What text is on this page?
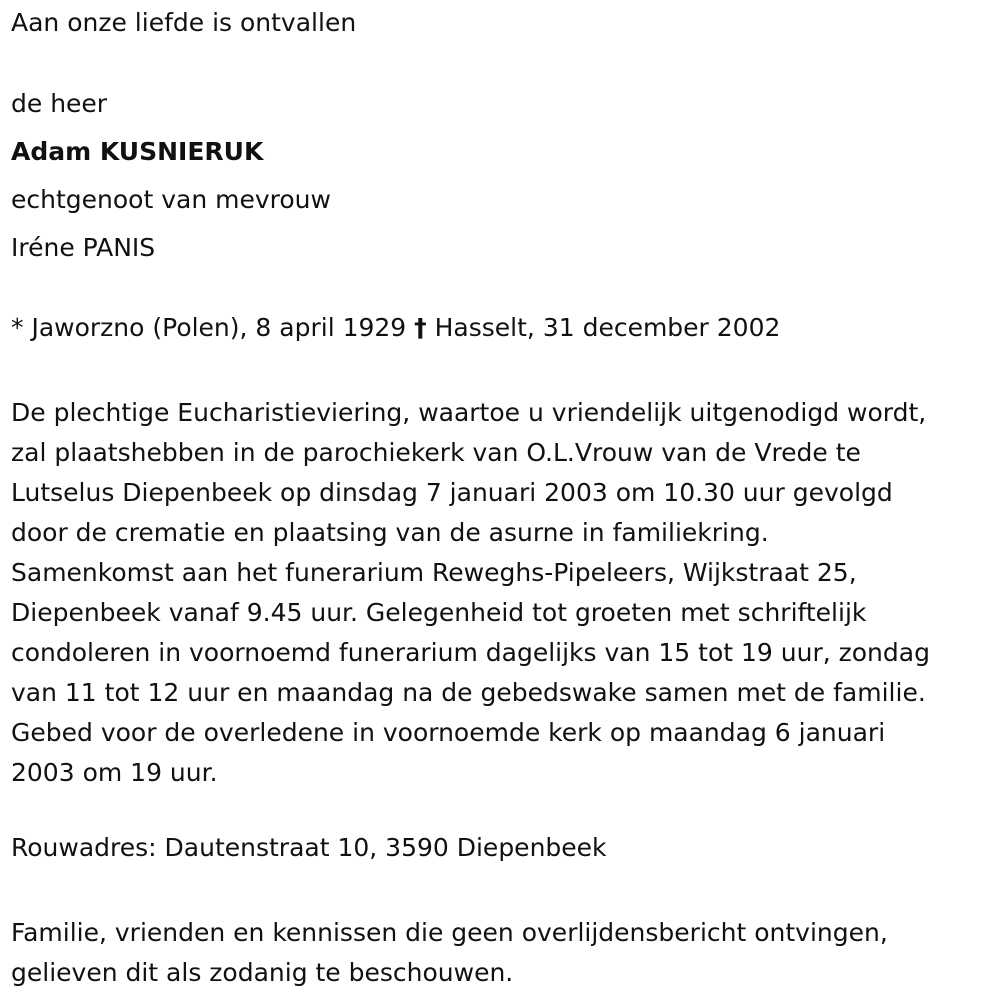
Aan onze liefde is ontvallen

de heer

Adam KUSNIERUK

echtgenoot van mevrouw

Iréne PANIS

* Jaworzno (Polen), 8 april 1929 † Hasselt, 31 december 2002

De plechtige Eucharistieviering, waartoe u vriendelijk uitgenodigd wordt,
zal plaatshebben in de parochiekerk van O.L.Vrouw van de Vrede te
Lutselus Diepenbeek op dinsdag 7 januari 2003 om 10.30 uur gevolgd
door de crematie en plaatsing van de asurne in familiekring.
Samenkomst aan het funerarium Reweghs-Pipeleers, Wijkstraat 25,
Diepenbeek vanaf 9.45 uur. Gelegenheid tot groeten met schriftelijk
condoleren in voornoemd funerarium dagelijks van 15 tot 19 uur, zondag
van 11 tot 12 uur en maandag na de gebedswake samen met de familie.
Gebed voor de overledene in voornoemde kerk op maandag 6 januari
2003 om 19 uur.

Rouwadres: Dautenstraat 10, 3590 Diepenbeek

Familie, vrienden en kennissen die geen overlijdensbericht ontvingen,
gelieven dit als zodanig te beschouwen.
